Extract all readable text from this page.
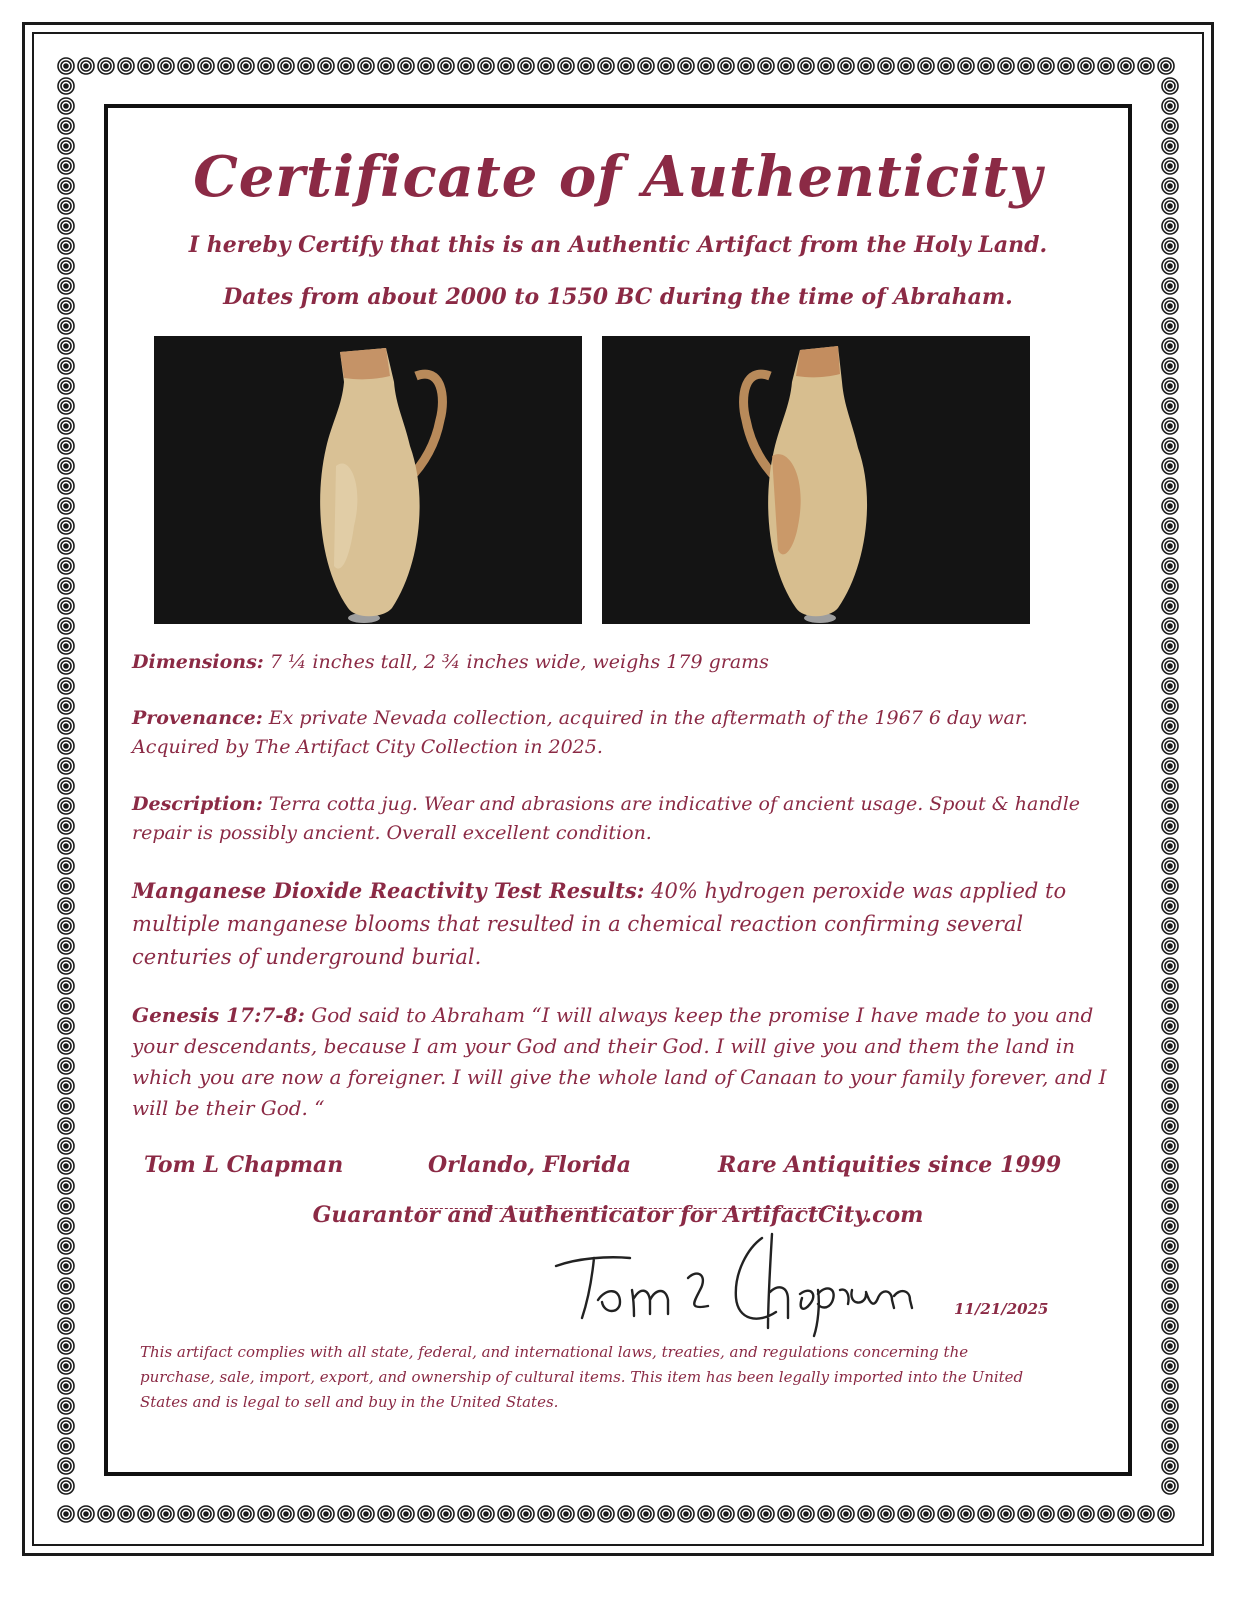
Certificate of Authenticity
I hereby Certify that this is an Authentic Artifact from the Holy Land.
Dates from about 2000 to 1550 BC during the time of Abraham.
Dimensions: 7 ¼ inches tall, 2 ¾ inches wide, weighs 179 grams
Provenance: Ex private Nevada collection, acquired in the aftermath of the 1967 6 day war. Acquired by The Artifact City Collection in 2025.
Description: Terra cotta jug. Wear and abrasions are indicative of ancient usage. Spout & handle repair is possibly ancient. Overall excellent condition.
Manganese Dioxide Reactivity Test Results: 40% hydrogen peroxide was applied to multiple manganese blooms that resulted in a chemical reaction confirming several centuries of underground burial.
Genesis 17:7-8: God said to Abraham “I will always keep the promise I have made to you and your descendants, because I am your God and their God. I will give you and them the land in which you are now a foreigner. I will give the whole land of Canaan to your family forever, and I will be their God. “
Tom L Chapman	Orlando, Florida	Rare Antiquities since 1999
Guarantor and Authenticator for ArtifactCity.com
11/21/2025
This artifact complies with all state, federal, and international laws, treaties, and regulations concerning the purchase, sale, import, export, and ownership of cultural items. This item has been legally imported into the United States and is legal to sell and buy in the United States.
